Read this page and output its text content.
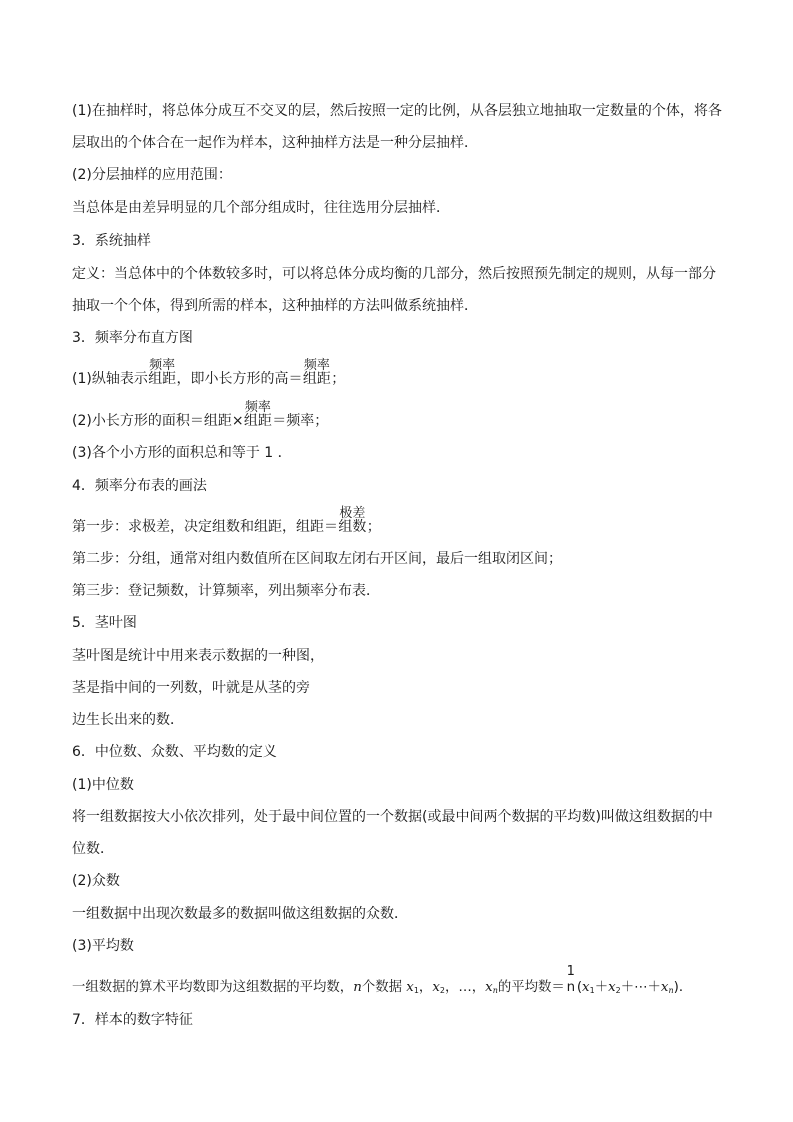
(1)在抽样时，将总体分成互不交叉的层，然后按照一定的比例，从各层独立地抽取一定数量的个体，将各
层取出的个体合在一起作为样本，这种抽样方法是一种分层抽样．
(2)分层抽样的应用范围：
当总体是由差异明显的几个部分组成时，往往选用分层抽样．
3．系统抽样
定义：当总体中的个体数较多时，可以将总体分成均衡的几部分，然后按照预先制定的规则，从每一部分
抽取一个个体，得到所需的样本，这种抽样的方法叫做系统抽样．
3．频率分布直方图
(1)纵轴表示
频率
组距，即小长方形的高＝
频率
组距；
(2)小长方形的面积＝组距×
频率
组距＝频率；
(3)各个小方形的面积总和等于 1 ．
4．频率分布表的画法
第一步：求极差，决定组数和组距，组距＝
极差
组数；
第二步：分组，通常对组内数值所在区间取左闭右开区间，最后一组取闭区间；
第三步：登记频数，计算频率，列出频率分布表．
5．茎叶图
茎叶图是统计中用来表示数据的一种图，
茎是指中间的一列数，叶就是从茎的旁
边生长出来的数．
6．中位数、众数、平均数的定义
(1)中位数
将一组数据按大小依次排列，处于最中间位置的一个数据(或最中间两个数据的平均数)叫做这组数据的中
位数．
(2)众数
一组数据中出现次数最多的数据叫做这组数据的众数．
(3)平均数
一组数据的算术平均数即为这组数据的平均数，n个数据 $x_1$，$x_2$，…，$x_n$的平均数＝
1
n $(x_1+x_2+\cdots+x_n)$．
7．样本的数字特征
